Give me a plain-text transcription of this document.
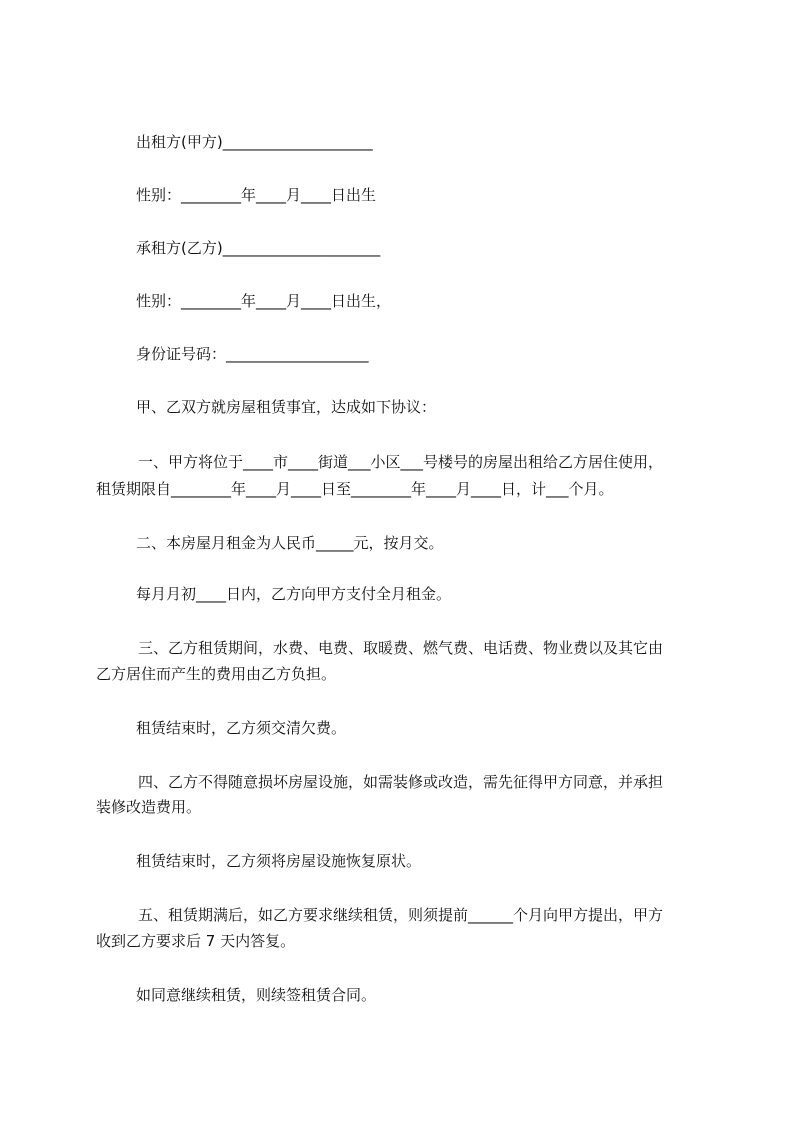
出租方(甲方)____________________
性别：________年____月____日出生
承租方(乙方)_____________________
性别：________年____月____日出生，
身份证号码：___________________
甲、乙双方就房屋租赁事宜，达成如下协议：
一、甲方将位于____市____街道___小区___号楼号的房屋出租给乙方居住使用，
租赁期限自________年____月____日至________年____月____日，计___个月。
二、本房屋月租金为人民币_____元，按月交。
每月月初____日内，乙方向甲方支付全月租金。
三、乙方租赁期间，水费、电费、取暖费、燃气费、电话费、物业费以及其它由
乙方居住而产生的费用由乙方负担。
租赁结束时，乙方须交清欠费。
四、乙方不得随意损坏房屋设施，如需装修或改造，需先征得甲方同意，并承担
装修改造费用。
租赁结束时，乙方须将房屋设施恢复原状。
五、租赁期满后，如乙方要求继续租赁，则须提前______个月向甲方提出，甲方
收到乙方要求后 7 天内答复。
如同意继续租赁，则续签租赁合同。
